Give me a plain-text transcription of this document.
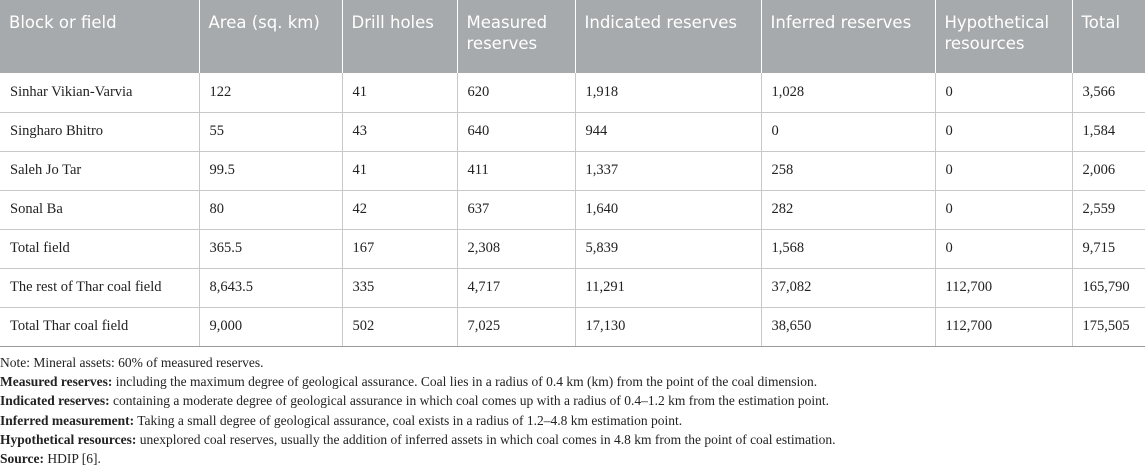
Block or field	Area (sq. km)	Drill holes	Measured reserves	Indicated reserves	Inferred reserves	Hypothetical resources	Total
Sinhar Vikian-Varvia	122	41	620	1,918	1,028	0	3,566
Singharo Bhitro	55	43	640	944	0	0	1,584
Saleh Jo Tar	99.5	41	411	1,337	258	0	2,006
Sonal Ba	80	42	637	1,640	282	0	2,559
Total field	365.5	167	2,308	5,839	1,568	0	9,715
The rest of Thar coal field	8,643.5	335	4,717	11,291	37,082	112,700	165,790
Total Thar coal field	9,000	502	7,025	17,130	38,650	112,700	175,505
Note: Mineral assets: 60% of measured reserves.
Measured reserves: including the maximum degree of geological assurance. Coal lies in a radius of 0.4 km (km) from the point of the coal dimension.
Indicated reserves: containing a moderate degree of geological assurance in which coal comes up with a radius of 0.4–1.2 km from the estimation point.
Inferred measurement: Taking a small degree of geological assurance, coal exists in a radius of 1.2–4.8 km estimation point.
Hypothetical resources: unexplored coal reserves, usually the addition of inferred assets in which coal comes in 4.8 km from the point of coal estimation.
Source: HDIP [6].
